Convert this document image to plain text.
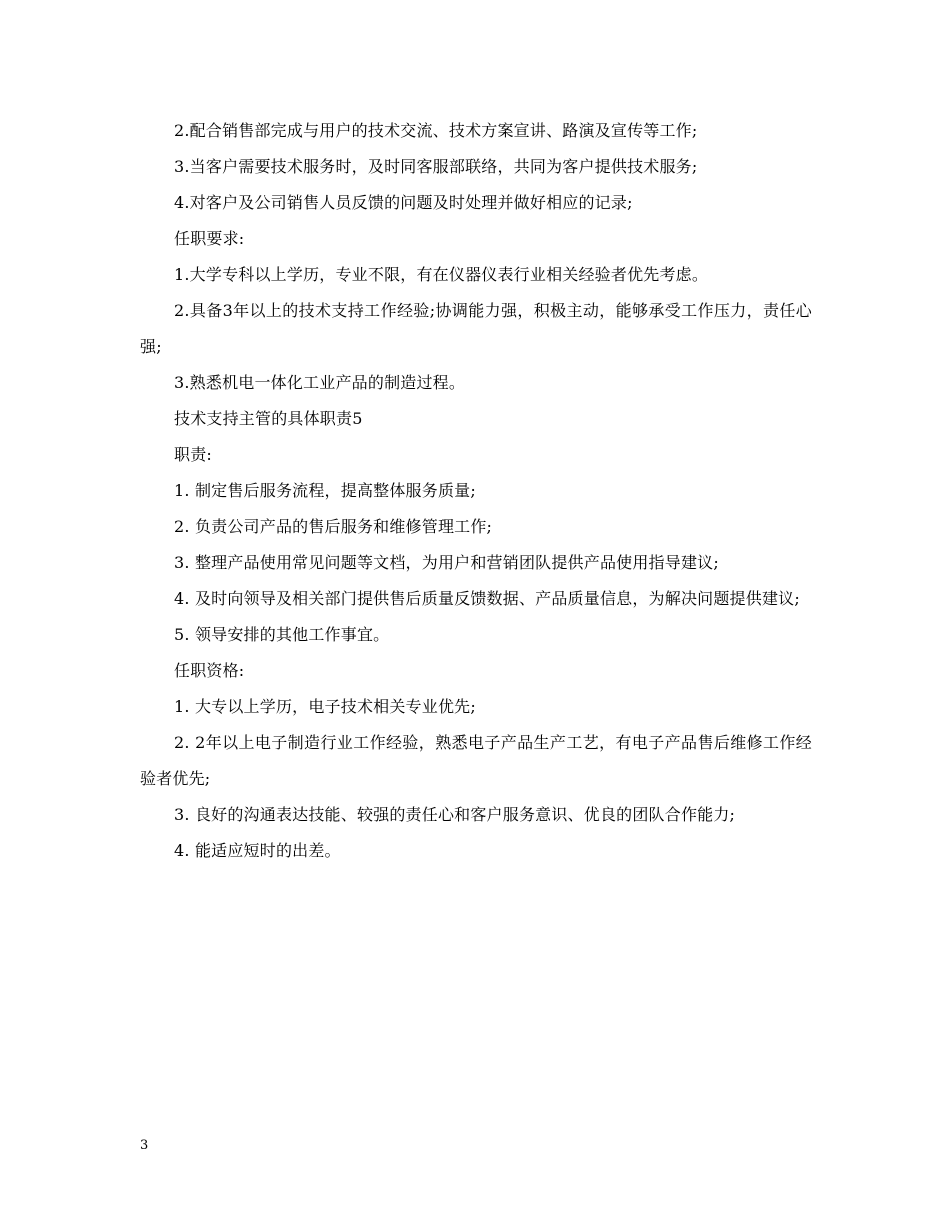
2.配合销售部完成与用户的技术交流、技术方案宣讲、路演及宣传等工作;

3.当客户需要技术服务时，及时同客服部联络，共同为客户提供技术服务;

4.对客户及公司销售人员反馈的问题及时处理并做好相应的记录;

任职要求:

1.大学专科以上学历，专业不限，有在仪器仪表行业相关经验者优先考虑。

2.具备3年以上的技术支持工作经验;协调能力强，积极主动，能够承受工作压力，责任心强;

3.熟悉机电一体化工业产品的制造过程。

技术支持主管的具体职责5

职责:

1. 制定售后服务流程，提高整体服务质量;

2. 负责公司产品的售后服务和维修管理工作;

3. 整理产品使用常见问题等文档，为用户和营销团队提供产品使用指导建议;

4. 及时向领导及相关部门提供售后质量反馈数据、产品质量信息，为解决问题提供建议;

5. 领导安排的其他工作事宜。

任职资格:

1. 大专以上学历，电子技术相关专业优先;

2. 2年以上电子制造行业工作经验，熟悉电子产品生产工艺，有电子产品售后维修工作经验者优先;

3. 良好的沟通表达技能、较强的责任心和客户服务意识、优良的团队合作能力;

4. 能适应短时的出差。

3
